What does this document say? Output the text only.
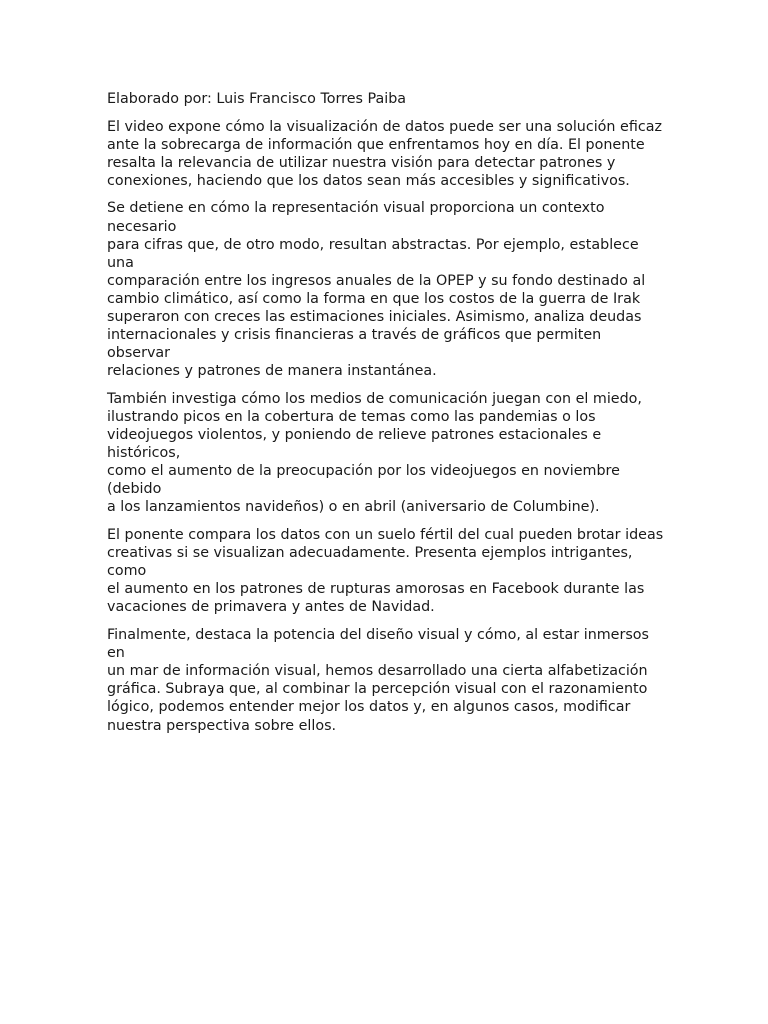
Elaborado por: Luis Francisco Torres Paiba

El video expone cómo la visualización de datos puede ser una solución eficaz
ante la sobrecarga de información que enfrentamos hoy en día. El ponente
resalta la relevancia de utilizar nuestra visión para detectar patrones y
conexiones, haciendo que los datos sean más accesibles y significativos.

Se detiene en cómo la representación visual proporciona un contexto necesario
para cifras que, de otro modo, resultan abstractas. Por ejemplo, establece una
comparación entre los ingresos anuales de la OPEP y su fondo destinado al
cambio climático, así como la forma en que los costos de la guerra de Irak
superaron con creces las estimaciones iniciales. Asimismo, analiza deudas
internacionales y crisis financieras a través de gráficos que permiten observar
relaciones y patrones de manera instantánea.

También investiga cómo los medios de comunicación juegan con el miedo,
ilustrando picos en la cobertura de temas como las pandemias o los
videojuegos violentos, y poniendo de relieve patrones estacionales e históricos,
como el aumento de la preocupación por los videojuegos en noviembre (debido
a los lanzamientos navideños) o en abril (aniversario de Columbine).

El ponente compara los datos con un suelo fértil del cual pueden brotar ideas
creativas si se visualizan adecuadamente. Presenta ejemplos intrigantes, como
el aumento en los patrones de rupturas amorosas en Facebook durante las
vacaciones de primavera y antes de Navidad.

Finalmente, destaca la potencia del diseño visual y cómo, al estar inmersos en
un mar de información visual, hemos desarrollado una cierta alfabetización
gráfica. Subraya que, al combinar la percepción visual con el razonamiento
lógico, podemos entender mejor los datos y, en algunos casos, modificar
nuestra perspectiva sobre ellos.
